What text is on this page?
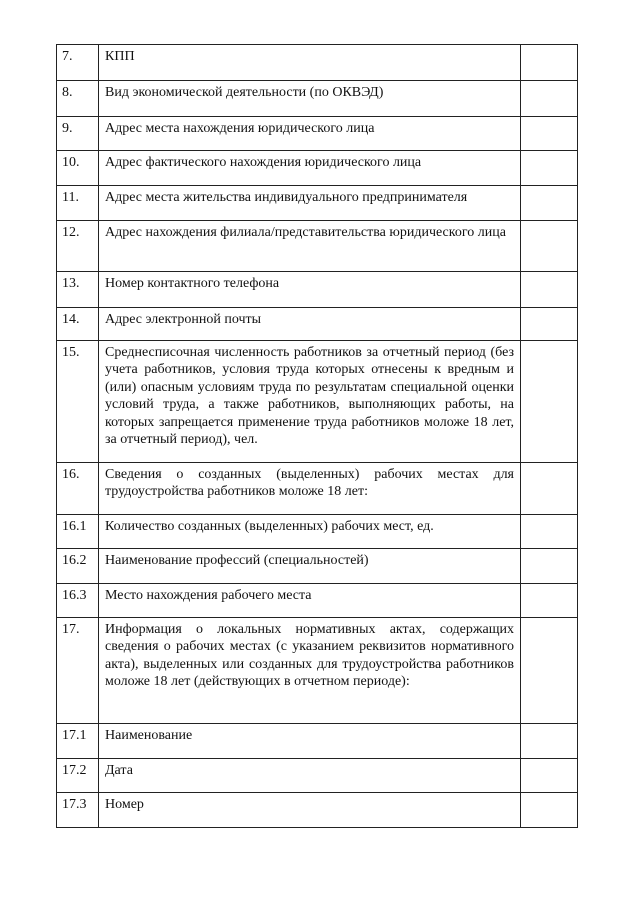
7.	КПП	
8.	Вид экономической деятельности (по ОКВЭД)	
9.	Адрес места нахождения юридического лица	
10.	Адрес фактического нахождения юридического лица	
11.	Адрес места жительства индивидуального предпринимателя	
12.	Адрес нахождения филиала/представительства юридического лица	
13.	Номер контактного телефона	
14.	Адрес электронной почты	
15.	Среднесписочная численность работников за отчетный период (без учета работников, условия труда которых отнесены к вредным и (или) опасным условиям труда по результатам специальной оценки условий труда, а также работников, выполняющих работы, на которых запрещается применение труда работников моложе 18 лет, за отчетный период), чел.	
16.	Сведения о созданных (выделенных) рабочих местах для трудоустройства работников моложе 18 лет:	
16.1	Количество созданных (выделенных) рабочих мест, ед.	
16.2	Наименование профессий (специальностей)	
16.3	Место нахождения рабочего места	
17.	Информация о локальных нормативных актах, содержащих сведения о рабочих местах (с указанием реквизитов нормативного акта), выделенных или созданных для трудоустройства работников моложе 18 лет (действующих в отчетном периоде):	
17.1	Наименование	
17.2	Дата	
17.3	Номер	
